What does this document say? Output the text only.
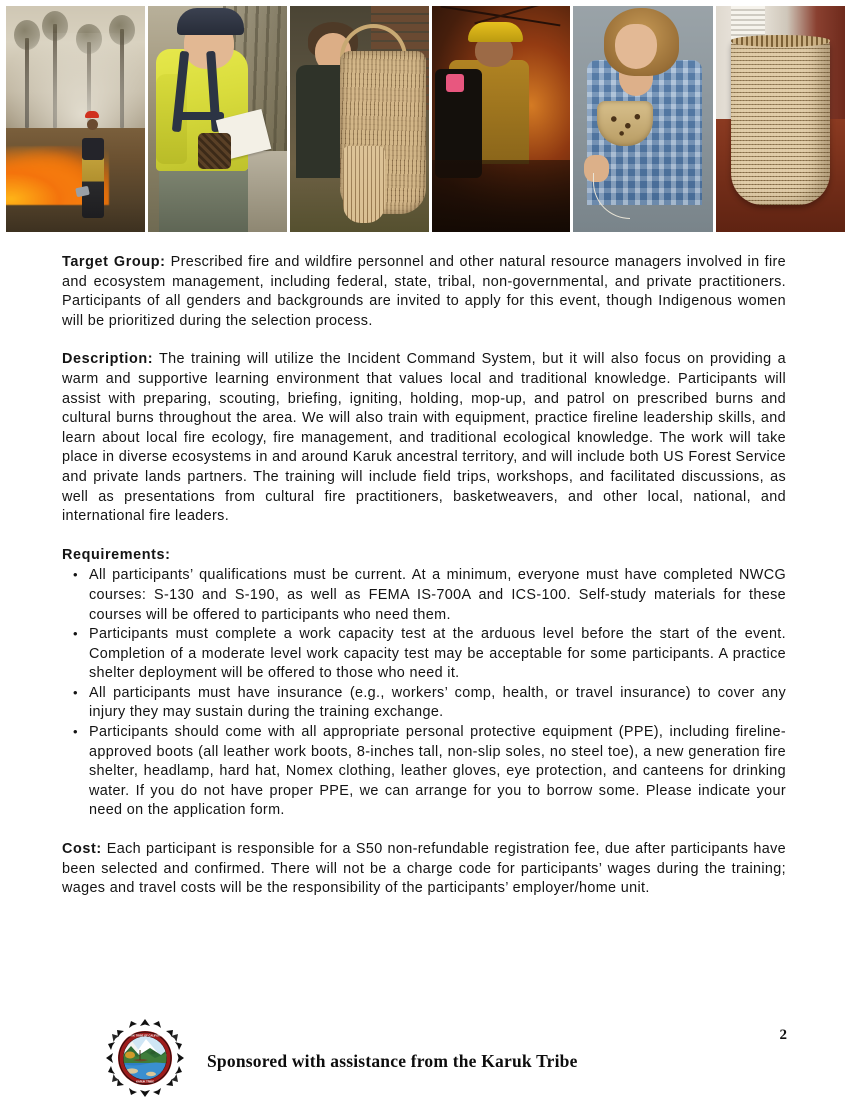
Target Group: Prescribed fire and wildfire personnel and other natural resource managers involved in fire and ecosystem management, including federal, state, tribal, non-governmental, and private practitioners. Participants of all genders and backgrounds are invited to apply for this event, though Indigenous women will be prioritized during the selection process.

Description: The training will utilize the Incident Command System, but it will also focus on providing a warm and supportive learning environment that values local and traditional knowledge. Participants will assist with preparing, scouting, briefing, igniting, holding, mop-up, and patrol on prescribed burns and cultural burns throughout the area. We will also train with equipment, practice fireline leadership skills, and learn about local fire ecology, fire management, and traditional ecological knowledge. The work will take place in diverse ecosystems in and around Karuk ancestral territory, and will include both US Forest Service and private lands partners. The training will include field trips, workshops, and facilitated discussions, as well as presentations from cultural fire practitioners, basketweavers, and other local, national, and international fire leaders.

Requirements:
• All participants’ qualifications must be current. At a minimum, everyone must have completed NWCG courses: S-130 and S-190, as well as FEMA IS-700A and ICS-100. Self-study materials for these courses will be offered to participants who need them.
• Participants must complete a work capacity test at the arduous level before the start of the event. Completion of a moderate level work capacity test may be acceptable for some participants. A practice shelter deployment will be offered to those who need it.
• All participants must have insurance (e.g., workers’ comp, health, or travel insurance) to cover any injury they may sustain during the training exchange.
• Participants should come with all appropriate personal protective equipment (PPE), including fireline-approved boots (all leather work boots, 8-inches tall, non-slip soles, no steel toe), a new generation fire shelter, headlamp, hard hat, Nomex clothing, leather gloves, eye protection, and canteens for drinking water. If you do not have proper PPE, we can arrange for you to borrow some. Please indicate your need on the application form.

Cost: Each participant is responsible for a S50 non-refundable registration fee, due after participants have been selected and confirmed. There will not be a charge code for participants’ wages during the training; wages and travel costs will be the responsibility of the participants’ employer/home unit.

KARUK TRIBE OF CALIFORNIA
KARUK TRIBE
Sponsored with assistance from the Karuk Tribe
2
